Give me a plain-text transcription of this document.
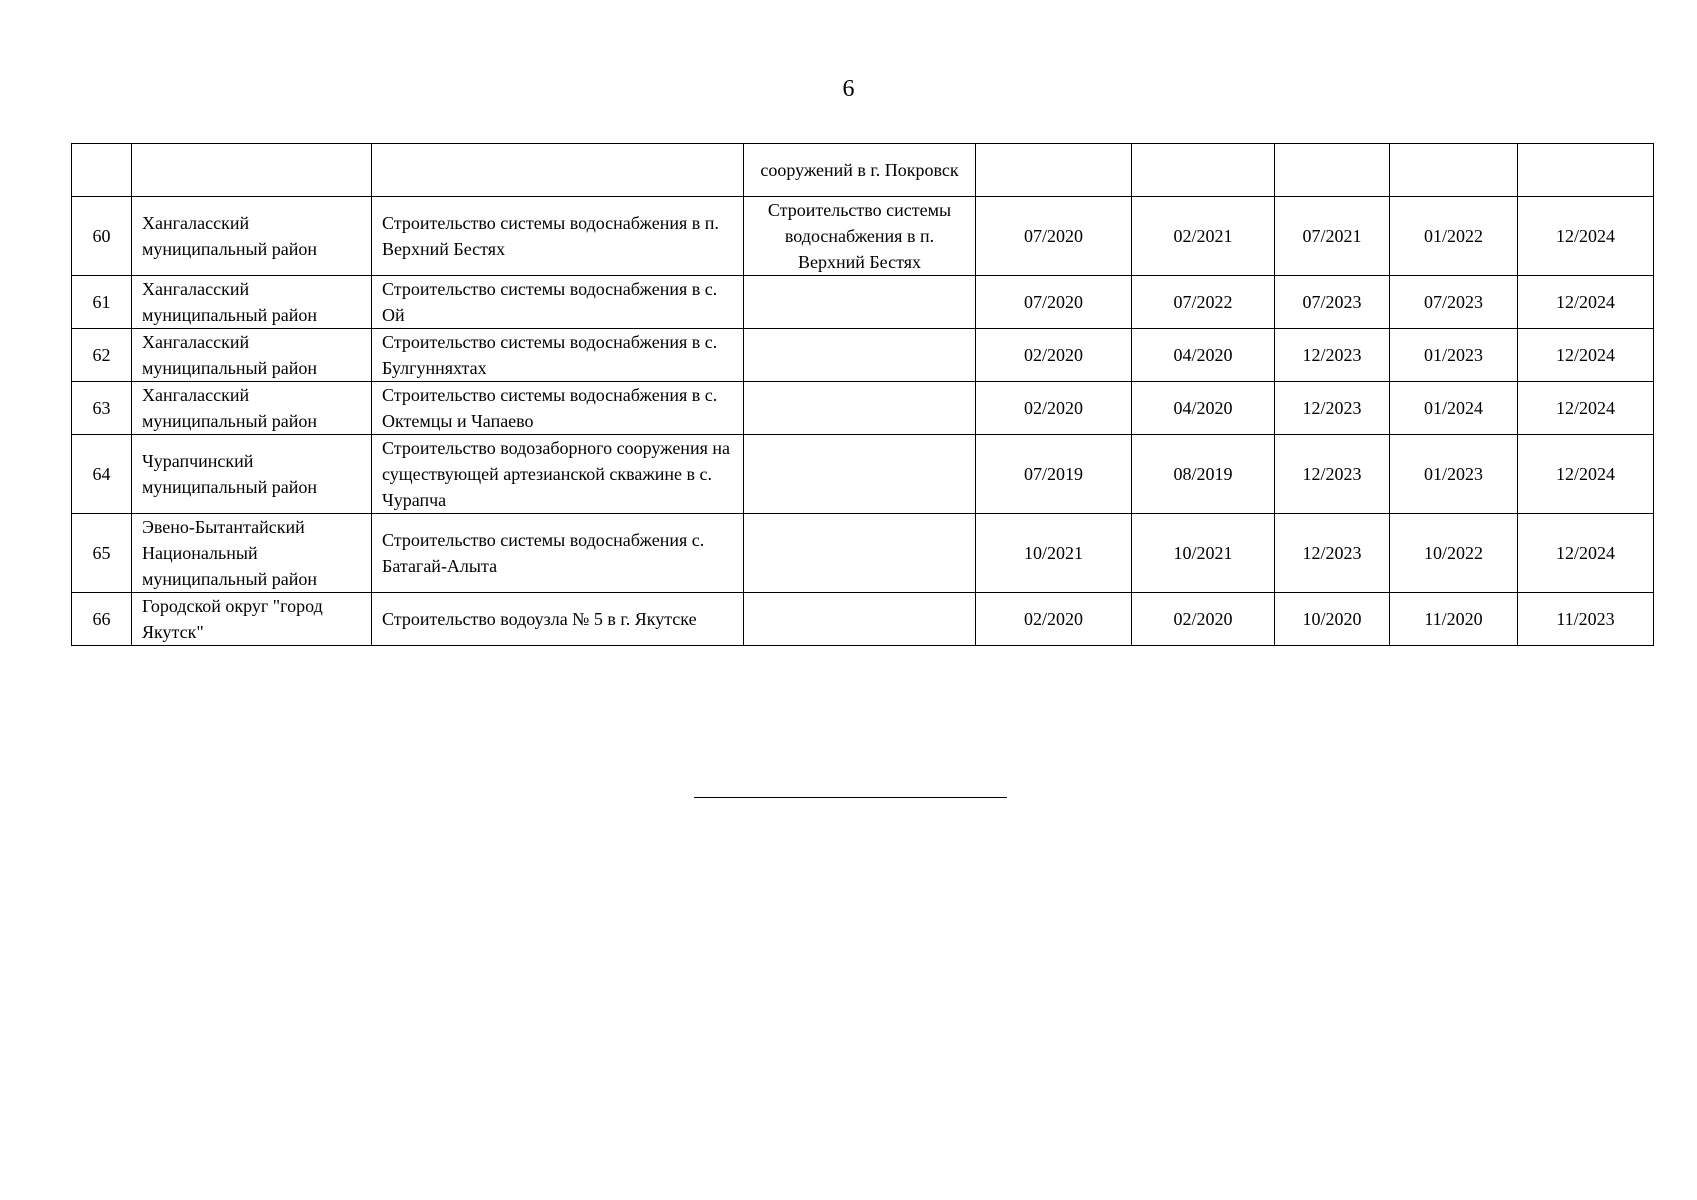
6
			сооружений в г. Покровск					
60	Хангаласский муниципальный район	Строительство системы водоснабжения в п. Верхний Бестях	Строительство системы водоснабжения в п. Верхний Бестях	07/2020	02/2021	07/2021	01/2022	12/2024
61	Хангаласский муниципальный район	Строительство системы водоснабжения в с. Ой		07/2020	07/2022	07/2023	07/2023	12/2024
62	Хангаласский муниципальный район	Строительство системы водоснабжения в с. Булгунняхтах		02/2020	04/2020	12/2023	01/2023	12/2024
63	Хангаласский муниципальный район	Строительство системы водоснабжения в с. Октемцы и Чапаево		02/2020	04/2020	12/2023	01/2024	12/2024
64	Чурапчинский муниципальный район	Строительство водозаборного сооружения на существующей артезианской скважине в с. Чурапча		07/2019	08/2019	12/2023	01/2023	12/2024
65	Эвено-Бытантайский Национальный муниципальный район	Строительство системы водоснабжения с. Батагай-Алыта		10/2021	10/2021	12/2023	10/2022	12/2024
66	Городской округ "город Якутск"	Строительство водоузла № 5 в г. Якутске		02/2020	02/2020	10/2020	11/2020	11/2023
